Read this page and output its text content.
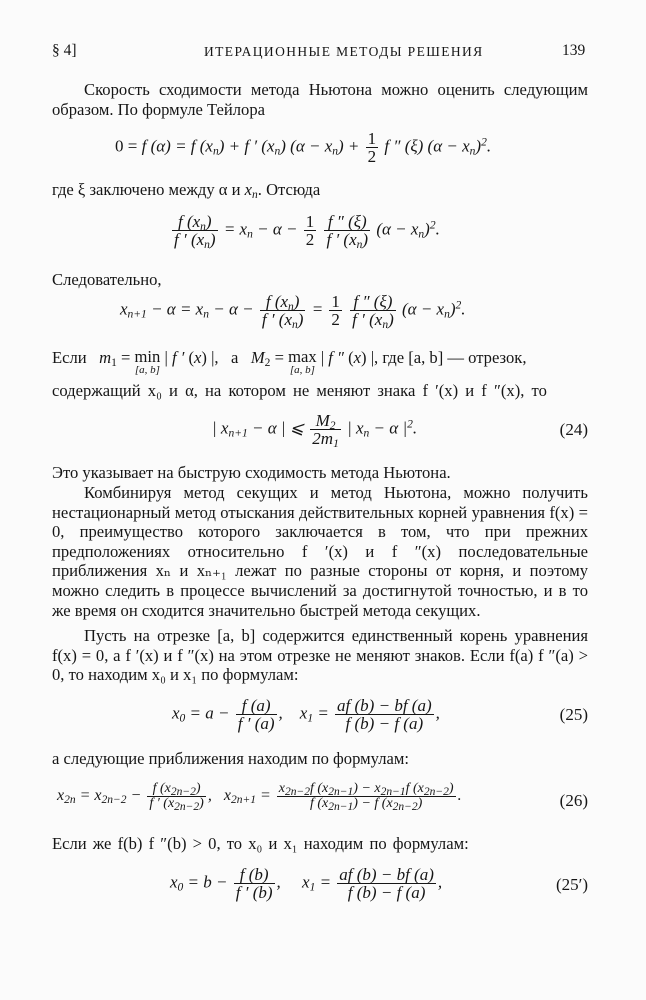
§ 4]	ИТЕРАЦИОННЫЕ МЕТОДЫ РЕШЕНИЯ	139

Скорость сходимости метода Ньютона можно оценить следующим образом. По формуле Тейлора

0 = f (α) = f $(x_n) + f$ ′ $(x_n) (\alpha - x_n) + \frac{1}{2}$ f ″ (ξ) $(\alpha - x_n)^2$.
где ξ заключено между α и $x_n$. Отсюда
$\frac{f (x_n)}{f ' (x_n)} = x_n - \alpha - \frac{1}{2}$
$\frac{f '' (\xi)}{f ' (x_n)} (\alpha - x_n)^2$.
Следовательно,
$x_{n+1} - \alpha = x_n - \alpha - \frac{f (x_n)}{f ' (x_n)} = \frac{1}{2}$
$\frac{f '' (\xi)}{f ' (x_n)} (\alpha - x_n)^2$.
Если $m_1 = \min$
[a, b]
| f ′ (x) |,   а $M_2 = \max$
[a, b]
| f ″ (x) |, где [a, b] — отрезок,
содержащий x₀ и α, на котором не меняют знака f ′(x) и f ″(x), то
| $x_{n+1} - \alpha$ | ⩽ $\frac{M_2}{2m_1}$ | $x_n - \alpha$ $|^2$.	(24)
Это указывает на быструю сходимость метода Ньютона.

Комбинируя метод секущих и метод Ньютона, можно получить нестационарный метод отыскания действительных корней уравнения f(x) = 0, преимущество которого заключается в том, что при прежних предположениях относительно f ′(x) и f ″(x) последовательные приближения xₙ и xₙ₊₁ лежат по разные стороны от корня, и поэтому можно следить в процессе вычислений за достигнутой точностью, и в то же время он сходится значительно быстрей метода секущих.

Пусть на отрезке [a, b] содержится единственный корень уравнения f(x) = 0, а f ′(x) и f ″(x) на этом отрезке не меняют знаков. Если f(a) f ″(a) > 0, то находим x₀ и x₁ по формулам:

$x_0 = a - \frac{f (a)}{f ' (a)}$ ,    $x_1 = \frac{af (b) - bf (a)}{f (b) - f (a)}$ ,	(25)
а следующие приближения находим по формулам:
$x_{2n} = x_{2n-2} - \frac{f (x_{2n-2})}{f ' (x_{2n-2})}$ ,   $x_{2n+1} = \frac{x_{2n-2}f (x_{2n-1}) - x_{2n-1}f (x_{2n-2})}{f (x_{2n-1}) - f (x_{2n-2})}$ .	(26)
Если же f(b) f ″(b) > 0, то x₀ и x₁ находим по формулам:
$x_0 = b - \frac{f (b)}{f ' (b)}$ ,     $x_1 = \frac{af (b) - bf (a)}{f (b) - f (a)}$ ,	(25′)
